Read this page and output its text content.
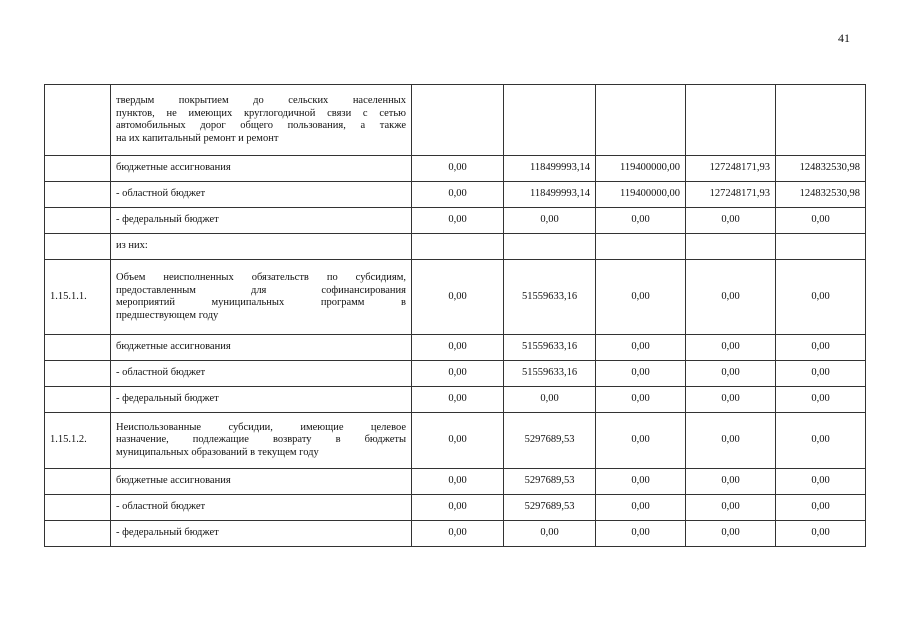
41

	твердым покрытием до сельских населенных
пунктов, не имеющих круглогодичной связи с сетью
автомобильных дорог общего пользования, а также
на их капитальный ремонт и ремонт					

	бюджетные ассигнования	0,00	118499993,14	119400000,00	127248171,93	124832530,98
	- областной бюджет	0,00	118499993,14	119400000,00	127248171,93	124832530,98
	- федеральный бюджет	0,00	0,00	0,00	0,00	0,00
	из них:					
1.15.1.1.	Объем неисполненных обязательств по субсидиям,
предоставленным для софинансирования
мероприятий муниципальных программ в
предшествующем году	0,00	51559633,16	0,00	0,00	0,00
	бюджетные ассигнования	0,00	51559633,16	0,00	0,00	0,00
	- областной бюджет	0,00	51559633,16	0,00	0,00	0,00
	- федеральный бюджет	0,00	0,00	0,00	0,00	0,00
1.15.1.2.	Неиспользованные субсидии, имеющие целевое
назначение, подлежащие возврату в бюджеты
муниципальных образований в текущем году	0,00	5297689,53	0,00	0,00	0,00
	бюджетные ассигнования	0,00	5297689,53	0,00	0,00	0,00
	- областной бюджет	0,00	5297689,53	0,00	0,00	0,00
	- федеральный бюджет	0,00	0,00	0,00	0,00	0,00
